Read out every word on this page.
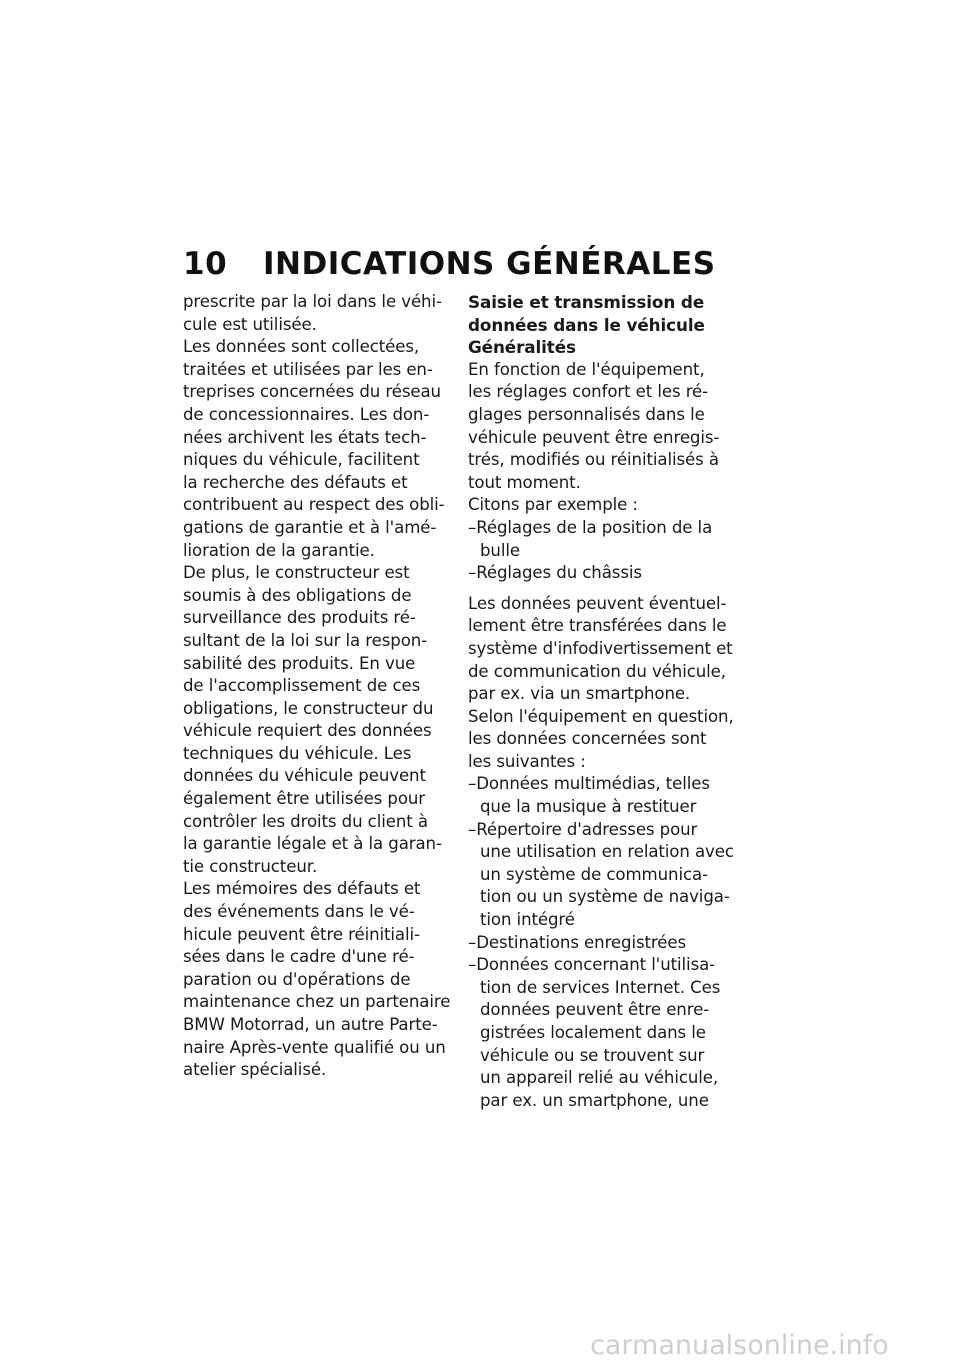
10	INDICATIONS GÉNÉRALES
prescrite par la loi dans le véhi-
cule est utilisée.
Les données sont collectées,
traitées et utilisées par les en-
treprises concernées du réseau
de concessionnaires. Les don-
nées archivent les états tech-
niques du véhicule, facilitent
la recherche des défauts et
contribuent au respect des obli-
gations de garantie et à l'amé-
lioration de la garantie.
De plus, le constructeur est
soumis à des obligations de
surveillance des produits ré-
sultant de la loi sur la respon-
sabilité des produits. En vue
de l'accomplissement de ces
obligations, le constructeur du
véhicule requiert des données
techniques du véhicule. Les
données du véhicule peuvent
également être utilisées pour
contrôler les droits du client à
la garantie légale et à la garan-
tie constructeur.
Les mémoires des défauts et
des événements dans le vé-
hicule peuvent être réinitiali-
sées dans le cadre d'une ré-
paration ou d'opérations de
maintenance chez un partenaire
BMW Motorrad, un autre Parte-
naire Après-vente qualifié ou un
atelier spécialisé.
Saisie et transmission de
données dans le véhicule
Généralités
En fonction de l'équipement,
les réglages confort et les ré-
glages personnalisés dans le
véhicule peuvent être enregis-
trés, modifiés ou réinitialisés à
tout moment.
Citons par exemple :
–Réglages de la position de la
bulle
–Réglages du châssis
Les données peuvent éventuel-
lement être transférées dans le
système d'infodivertissement et
de communication du véhicule,
par ex. via un smartphone.
Selon l'équipement en question,
les données concernées sont
les suivantes :
–Données multimédias, telles
que la musique à restituer
–Répertoire d'adresses pour
une utilisation en relation avec
un système de communica-
tion ou un système de naviga-
tion intégré
–Destinations enregistrées
–Données concernant l'utilisa-
tion de services Internet. Ces
données peuvent être enre-
gistrées localement dans le
véhicule ou se trouvent sur
un appareil relié au véhicule,
par ex. un smartphone, une
carmanualsonline.info
